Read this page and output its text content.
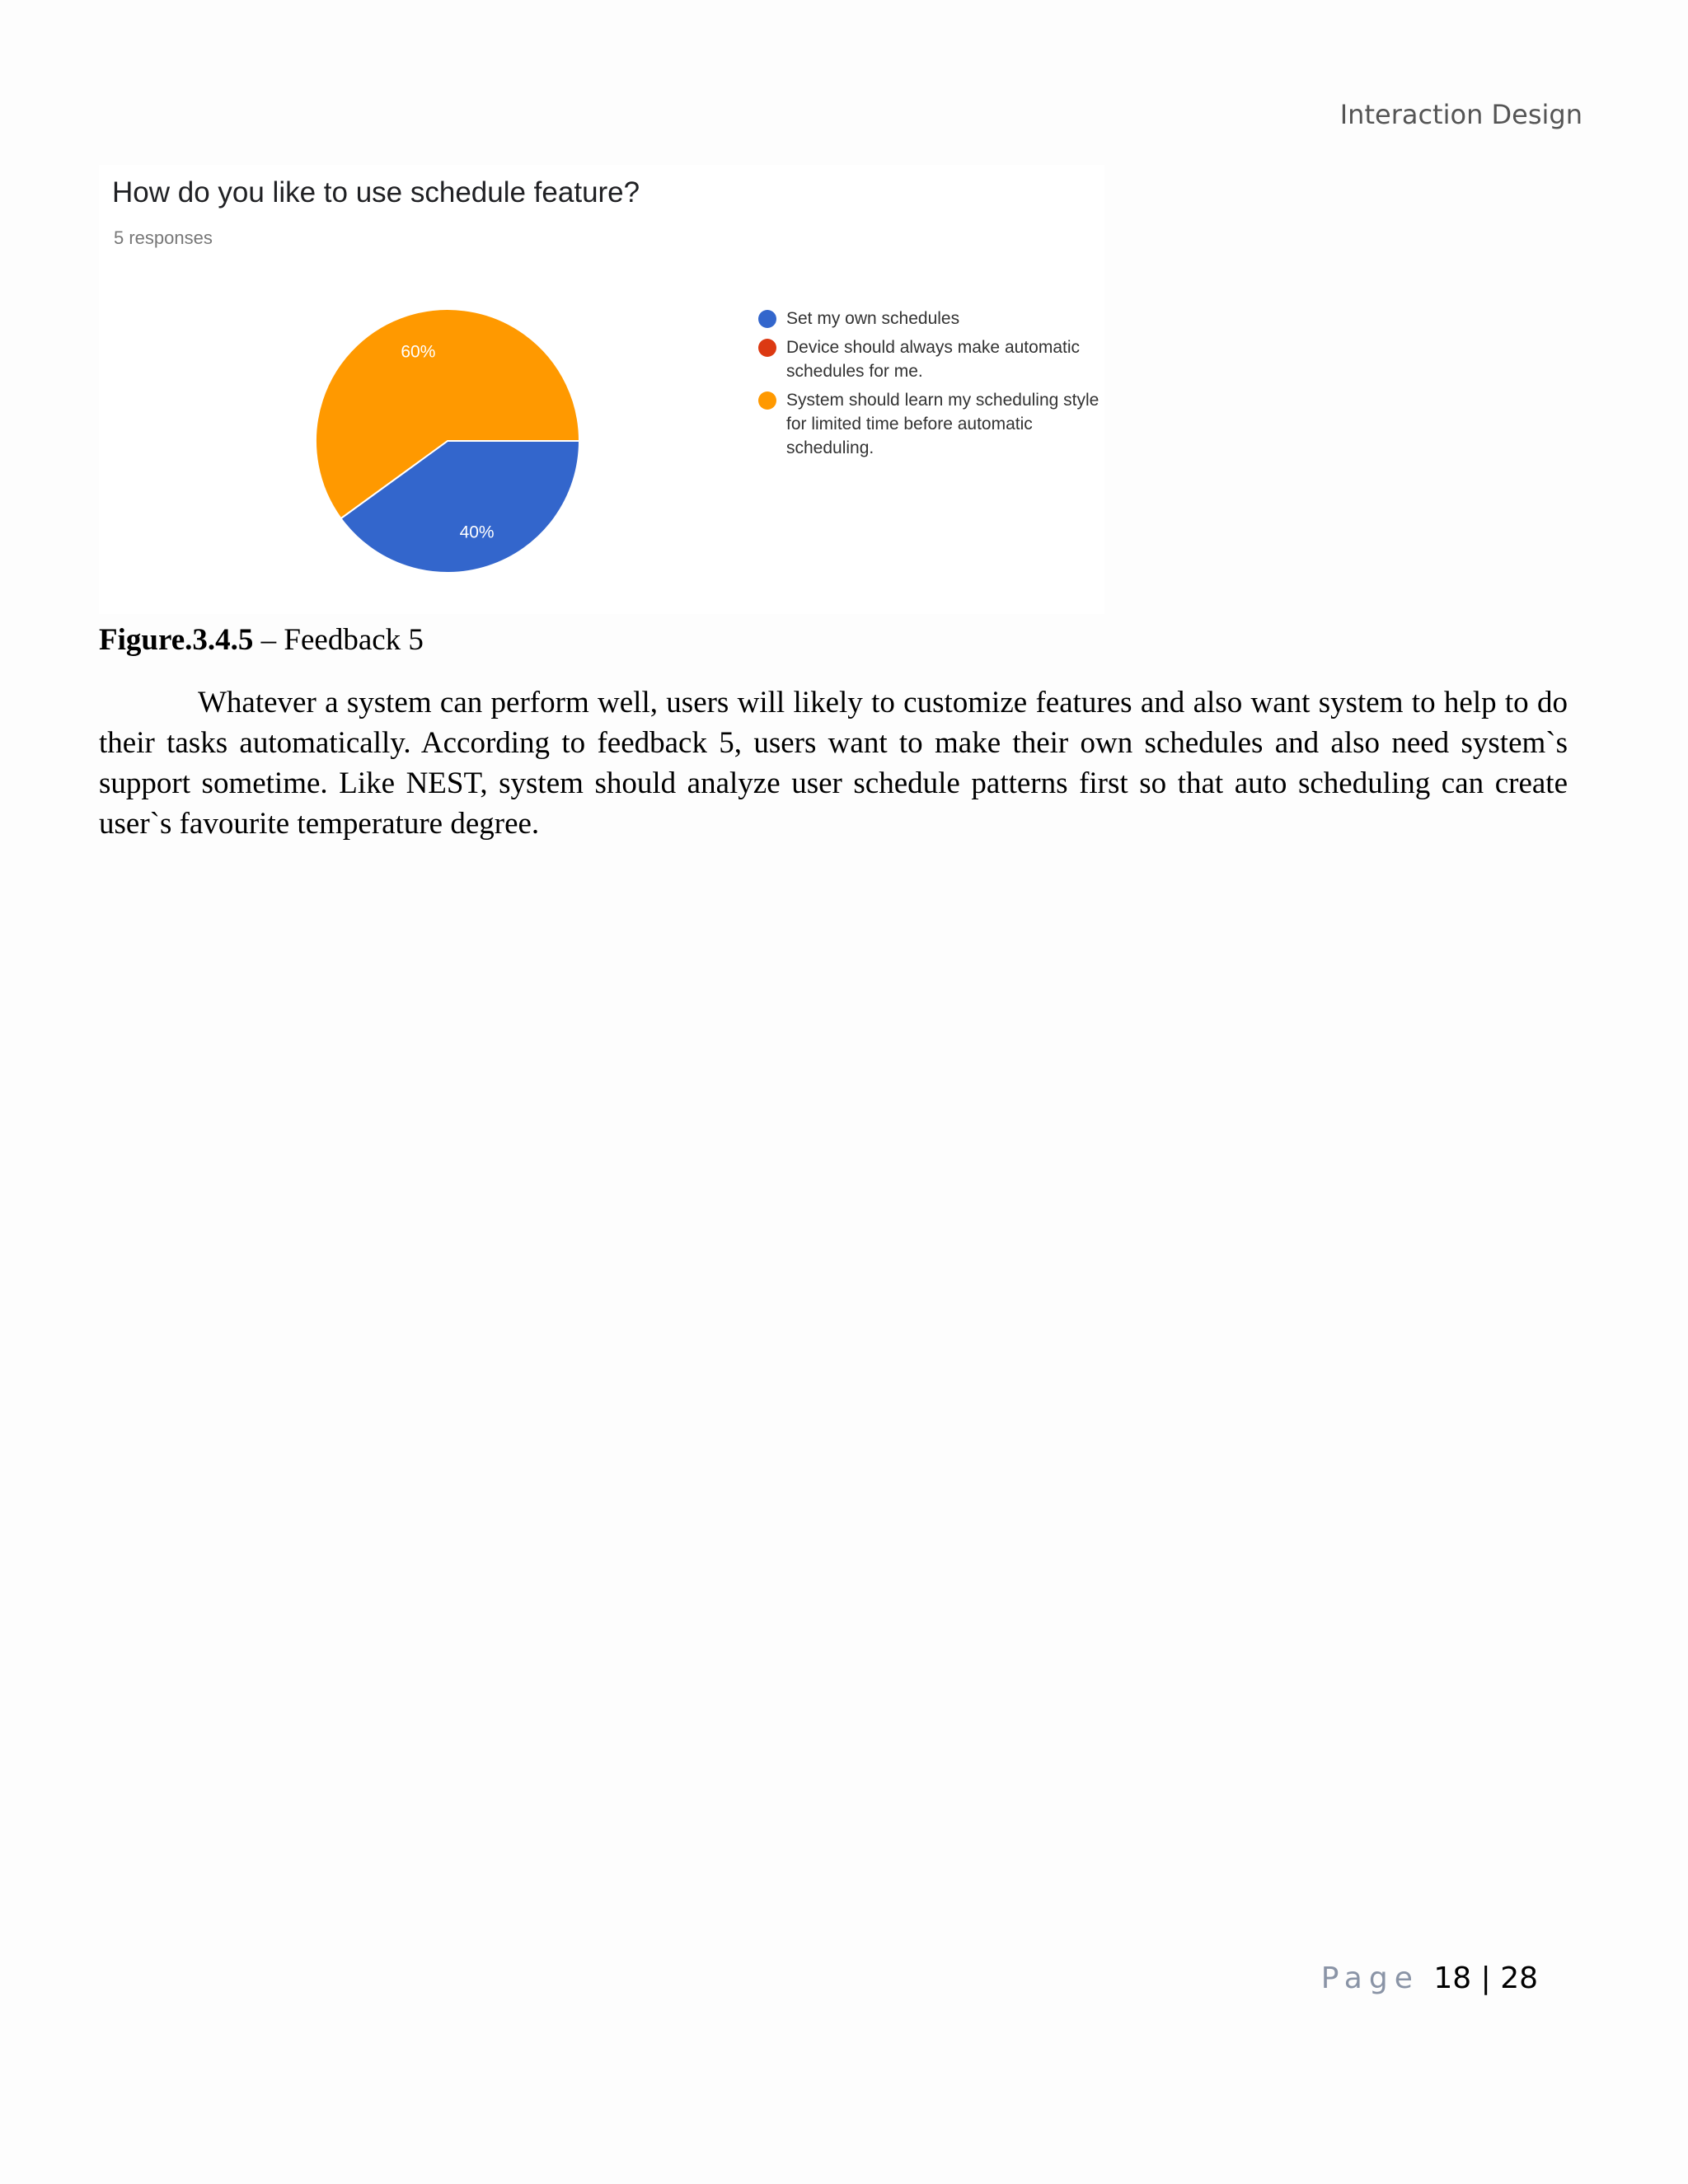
Interaction Design
How do you like to use schedule feature?
5 responses
40%
60%
Set my own schedules
Device should always make automatic schedules for me.
System should learn my scheduling style for limited time before automatic scheduling.
Figure.3.4.5 – Feedback 5

Whatever a system can perform well, users will likely to customize features and also want system to help to do their tasks automatically. According to feedback 5, users want to make their own schedules and also need system`s support sometime. Like NEST, system should analyze user schedule patterns first so that auto scheduling can create user`s favourite temperature degree.

Page 18 | 28
